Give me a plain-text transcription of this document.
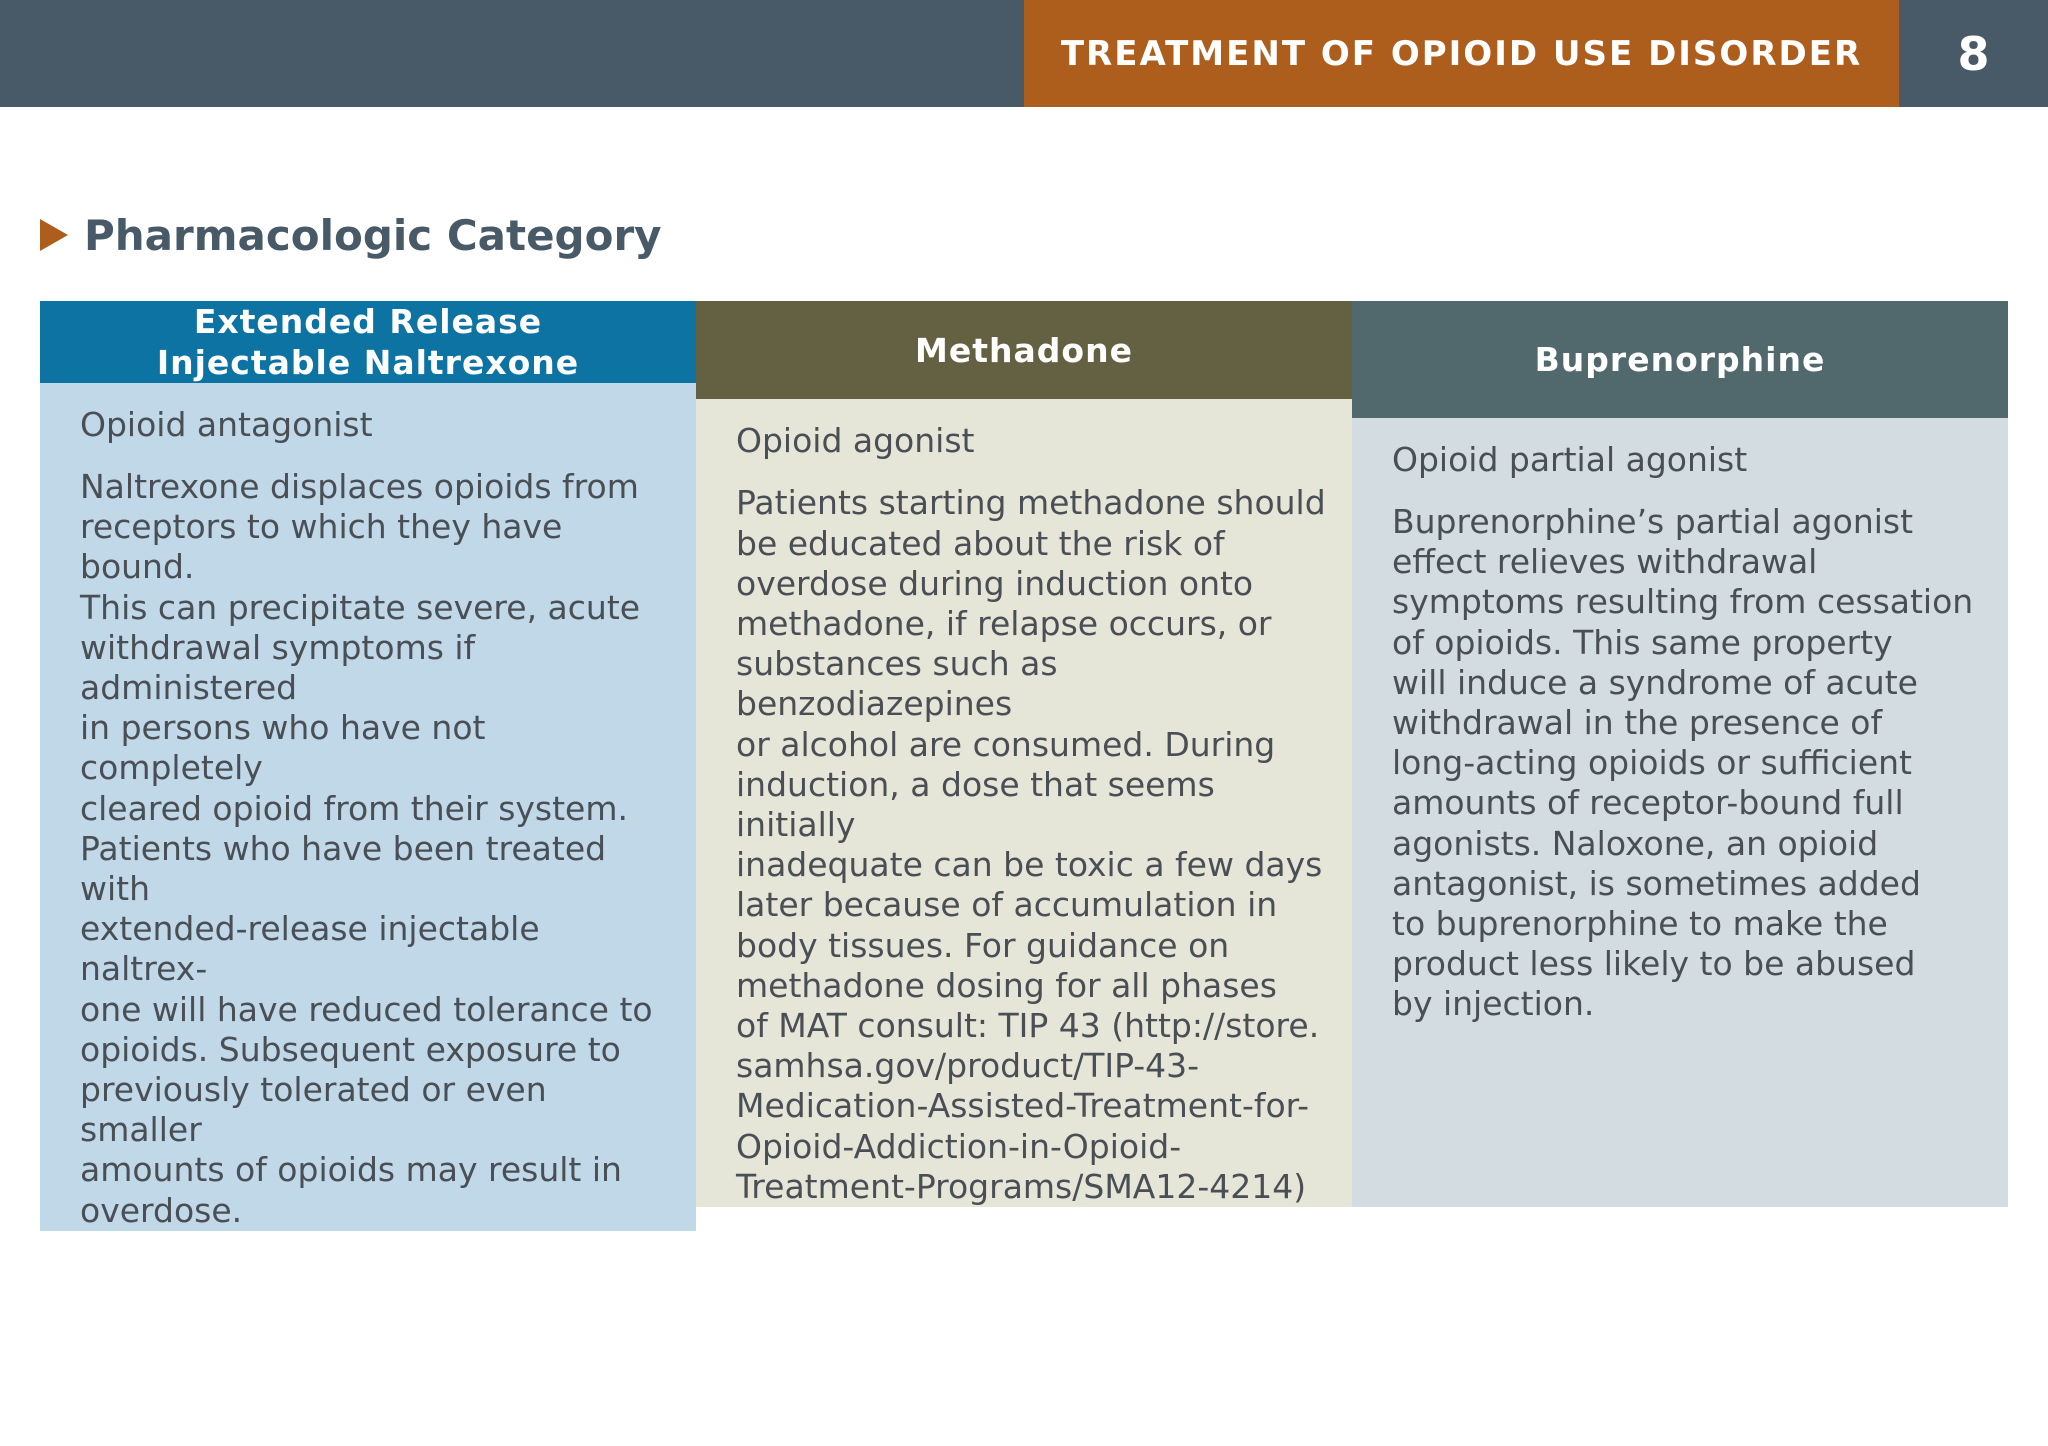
TREATMENT OF OPIOID USE DISORDER	8
Pharmacologic Category
Extended Release
Injectable Naltrexone
Opioid antagonist
Naltrexone displaces opioids from
receptors to which they have bound.
This can precipitate severe, acute
withdrawal symptoms if administered
in persons who have not completely
cleared opioid from their system.
Patients who have been treated with
extended-release injectable naltrex-
one will have reduced tolerance to
opioids. Subsequent exposure to
previously tolerated or even smaller
amounts of opioids may result in
overdose.
Methadone
Opioid agonist
Patients starting methadone should
be educated about the risk of
overdose during induction onto
methadone, if relapse occurs, or
substances such as benzodiazepines
or alcohol are consumed. During
induction, a dose that seems initially
inadequate can be toxic a few days
later because of accumulation in
body tissues. For guidance on
methadone dosing for all phases
of MAT consult: TIP 43 (http://store.
samhsa.gov/product/TIP-43-
Medication-Assisted-Treatment-for-
Opioid-Addiction-in-Opioid-
Treatment-Programs/SMA12-4214)
Buprenorphine
Opioid partial agonist
Buprenorphine’s partial agonist
effect relieves withdrawal
symptoms resulting from cessation
of opioids. This same property
will induce a syndrome of acute
withdrawal in the presence of
long-acting opioids or sufficient
amounts of receptor-bound full
agonists. Naloxone, an opioid
antagonist, is sometimes added
to buprenorphine to make the
product less likely to be abused
by injection.
